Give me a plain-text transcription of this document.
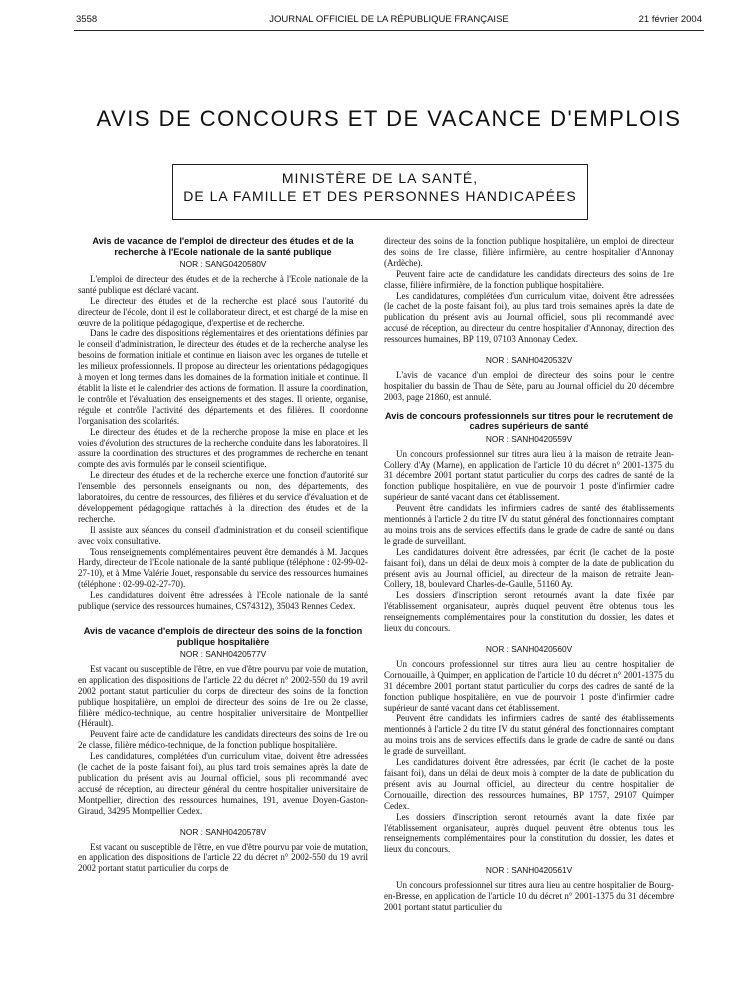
3558	JOURNAL OFFICIEL DE LA RÉPUBLIQUE FRANÇAISE	21 février 2004
AVIS DE CONCOURS ET DE VACANCE D'EMPLOIS
MINISTÈRE DE LA SANTÉ,
DE LA FAMILLE ET DES PERSONNES HANDICAPÉES
Avis de vacance de l'emploi de directeur des études et de la recherche à l'Ecole nationale de la santé publique
NOR : SANG0420580V

L'emploi de directeur des études et de la recherche à l'Ecole nationale de la santé publique est déclaré vacant.

Le directeur des études et de la recherche est placé sous l'autorité du directeur de l'école, dont il est le collaborateur direct, et est chargé de la mise en œuvre de la politique pédagogique, d'expertise et de recherche.

Dans le cadre des dispositions réglementaires et des orientations définies par le conseil d'administration, le directeur des études et de la recherche analyse les besoins de formation initiale et continue en liaison avec les organes de tutelle et les milieux professionnels. Il propose au directeur les orientations pédagogiques à moyen et long termes dans les domaines de la formation initiale et continue. Il établit la liste et le calendrier des actions de formation. Il assure la coordination, le contrôle et l'évaluation des enseignements et des stages. Il oriente, organise, régule et contrôle l'activité des départements et des filières. Il coordonne l'organisation des scolarités.

Le directeur des études et de la recherche propose la mise en place et les voies d'évolution des structures de la recherche conduite dans les laboratoires. Il assure la coordination des structures et des programmes de recherche en tenant compte des avis formulés par le conseil scientifique.

Le directeur des études et de la recherche exerce une fonction d'autorité sur l'ensemble des personnels enseignants ou non, des départements, des laboratoires, du centre de ressources, des filières et du service d'évaluation et de développement pédagogique rattachés à la direction des études et de la recherche.

Il assiste aux séances du conseil d'administration et du conseil scientifique avec voix consultative.

Tous renseignements complémentaires peuvent être demandés à M. Jacques Hardy, directeur de l'Ecole nationale de la santé publique (téléphone : 02-99-02-27-10), et à Mme Valérie Jouet, responsable du service des ressources humaines (téléphone : 02-99-02-27-70).

Les candidatures doivent être adressées à l'Ecole nationale de la santé publique (service des ressources humaines, CS74312), 35043 Rennes Cedex.

Avis de vacance d'emplois de directeur des soins de la fonction publique hospitalière
NOR : SANH0420577V

Est vacant ou susceptible de l'être, en vue d'être pourvu par voie de mutation, en application des dispositions de l'article 22 du décret n° 2002-550 du 19 avril 2002 portant statut particulier du corps de directeur des soins de la fonction publique hospitalière, un emploi de directeur des soins de 1re ou 2e classe, filière médico-technique, au centre hospitalier universitaire de Montpellier (Hérault).

Peuvent faire acte de candidature les candidats directeurs des soins de 1re ou 2e classe, filière médico-technique, de la fonction publique hospitalière.

Les candidatures, complétées d'un curriculum vitae, doivent être adressées (le cachet de la poste faisant foi), au plus tard trois semaines après la date de publication du présent avis au Journal officiel, sous pli recommandé avec accusé de réception, au directeur général du centre hospitalier universitaire de Montpellier, direction des ressources humaines, 191, avenue Doyen-Gaston-Giraud, 34295 Montpellier Cedex.

NOR : SANH0420578V

Est vacant ou susceptible de l'être, en vue d'être pourvu par voie de mutation, en application des dispositions de l'article 22 du décret n° 2002-550 du 19 avril 2002 portant statut particulier du corps de

directeur des soins de la fonction publique hospitalière, un emploi de directeur des soins de 1re classe, filière infirmière, au centre hospitalier d'Annonay (Ardèche).

Peuvent faire acte de candidature les candidats directeurs des soins de 1re classe, filière infirmière, de la fonction publique hospitalière.

Les candidatures, complétées d'un curriculum vitae, doivent être adressées (le cachet de la poste faisant foi), au plus tard trois semaines après la date de publication du présent avis au Journal officiel, sous pli recommandé avec accusé de réception, au directeur du centre hospitalier d'Annonay, direction des ressources humaines, BP 119, 07103 Annonay Cedex.

NOR : SANH0420532V

L'avis de vacance d'un emploi de directeur des soins pour le centre hospitalier du bassin de Thau de Sète, paru au Journal officiel du 20 décembre 2003, page 21860, est annulé.

Avis de concours professionnels sur titres pour le recrutement de cadres supérieurs de santé
NOR : SANH0420559V

Un concours professionnel sur titres aura lieu à la maison de retraite Jean-Collery d'Ay (Marne), en application de l'article 10 du décret n° 2001-1375 du 31 décembre 2001 portant statut particulier du corps des cadres de santé de la fonction publique hospitalière, en vue de pourvoir 1 poste d'infirmier cadre supérieur de santé vacant dans cet établissement.

Peuvent être candidats les infirmiers cadres de santé des établissements mentionnés à l'article 2 du titre IV du statut général des fonctionnaires comptant au moins trois ans de services effectifs dans le grade de cadre de santé ou dans le grade de surveillant.

Les candidatures doivent être adressées, par écrit (le cachet de la poste faisant foi), dans un délai de deux mois à compter de la date de publication du présent avis au Journal officiel, au directeur de la maison de retraite Jean-Collery, 18, boulevard Charles-de-Gaulle, 51160 Ay.

Les dossiers d'inscription seront retournés avant la date fixée par l'établissement organisateur, auprès duquel peuvent être obtenus tous les renseignements complémentaires pour la constitution du dossier, les dates et lieux du concours.

NOR : SANH0420560V

Un concours professionnel sur titres aura lieu au centre hospitalier de Cornouaille, à Quimper, en application de l'article 10 du décret n° 2001-1375 du 31 décembre 2001 portant statut particulier du corps des cadres de santé de la fonction publique hospitalière, en vue de pourvoir 1 poste d'infirmier cadre supérieur de santé vacant dans cet établissement.

Peuvent être candidats les infirmiers cadres de santé des établissements mentionnés à l'article 2 du titre IV du statut général des fonctionnaires comptant au moins trois ans de services effectifs dans le grade de cadre de santé ou dans le grade de surveillant.

Les candidatures doivent être adressées, par écrit (le cachet de la poste faisant foi), dans un délai de deux mois à compter de la date de publication du présent avis au Journal officiel, au directeur du centre hospitalier de Cornouaille, direction des ressources humaines, BP 1757, 29107 Quimper Cedex.

Les dossiers d'inscription seront retournés avant la date fixée par l'établissement organisateur, auprès duquel peuvent être obtenus tous les renseignements complémentaires pour la constitution du dossier, les dates et lieux du concours.

NOR : SANH0420561V

Un concours professionnel sur titres aura lieu au centre hospitalier de Bourg-en-Bresse, en application de l'article 10 du décret n° 2001-1375 du 31 décembre 2001 portant statut particulier du
